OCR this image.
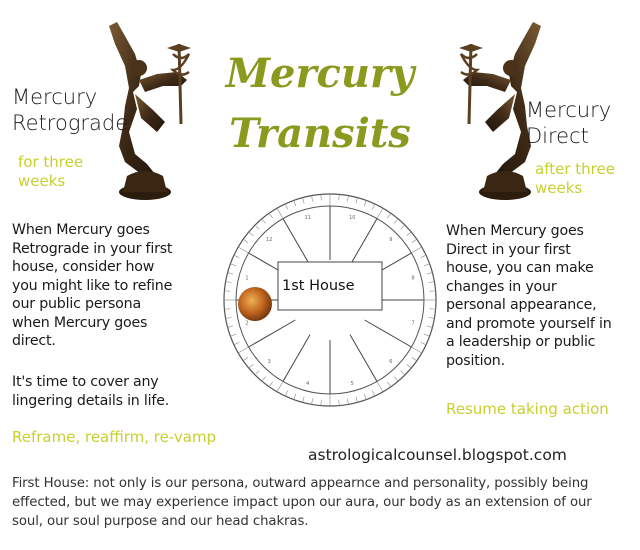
Mercury
Transits
Mercury
Retrograde
for three
weeks
Mercury
Direct
after three
weeks
When Mercury goes
Retrograde in your first
house, consider how
you might like to refine
our public persona
when Mercury goes
direct.
It's time to cover any
lingering details in life.
Reframe, reaffirm, re-vamp
When Mercury goes
Direct in your first
house, you can make
changes in your
personal appearance,
and promote yourself in
a leadership or public
position.
Resume taking action
1
2
3
4	5
6
7
8
9
10
11
12
1st House
astrologicalcounsel.blogspot.com
First House: not only is our persona, outward appearnce and personality, possibly being effected, but we may experience impact upon our aura, our body as an extension of our soul, our soul purpose and our head chakras.
